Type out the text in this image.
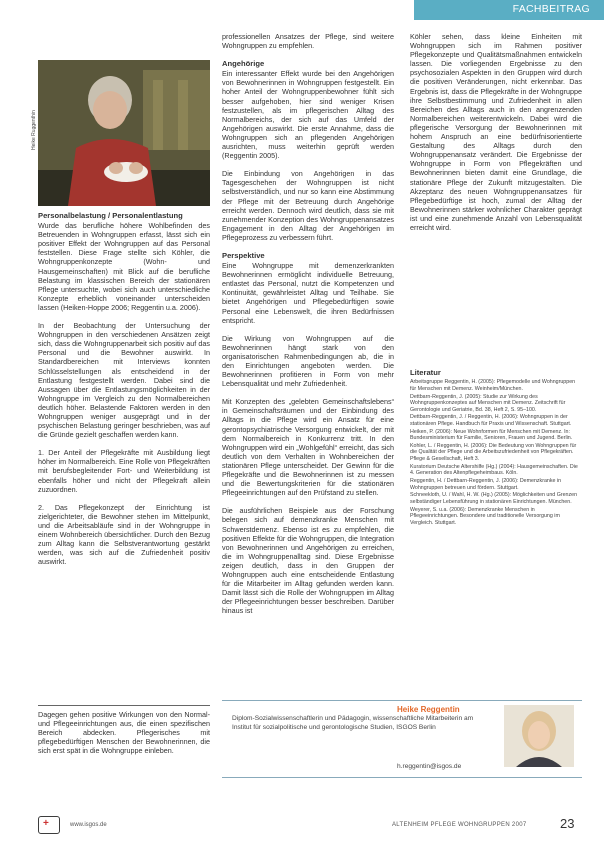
FACHBEITRAG
Heike Ruggenthin
Personalbelastung / Personalentlastung

Wurde das berufliche höhere Wohlbefinden des Betreuenden in Wohngruppen erfasst, lässt sich ein positiver Effekt der Wohngruppen auf das Personal feststellen. Diese Frage stellte sich Köhler, die Wohngruppenkonzepte (Wohn- und Hausgemeinschaften) mit Blick auf die berufliche Belastung im klassischen Bereich der stationären Pflege untersuchte, wobei sich auch unterschiedliche Konzepte erheblich voneinander unterscheiden lassen (Heiken-Hoppe 2006; Reggentin u.a. 2006).

In der Beobachtung der Untersuchung der Wohngruppen in den verschiedenen Ansätzen zeigt sich, dass die Wohngruppenarbeit sich positiv auf das Personal und die Bewohner auswirkt. In Standardbereichen mit Interviews konnten Schlüsselstellungen als entscheidend in der Entlastung festgestellt werden. Dabei sind die Aussagen über die Entlastungsmöglichkeiten in der Wohngruppe im Vergleich zu den Normalbereichen deutlich höher. Belastende Faktoren werden in den Wohngruppen weniger ausgeprägt und in der psychischen Belastung geringer beschrieben, was auf die Gründe gezielt geschaffen werden kann.

1. Der Anteil der Pflegekräfte mit Ausbildung liegt höher im Normalbereich. Eine Rolle von Pflegekräften mit berufsbegleitender Fort- und Weiterbildung ist ebenfalls höher und nicht der Pflegekraft allein zuzuordnen.

2. Das Pflegekonzept der Einrichtung ist zielgerichteter, die Bewohner stehen im Mittelpunkt, und die Arbeitsabläufe sind in der Wohngruppe in einem Wohnbereich übersichtlicher. Durch den Bezug zum Alltag kann die Selbstverantwortung gestärkt werden, was sich auf die Zufriedenheit positiv auswirkt.

Dagegen gehen positive Wirkungen von den Normal- und Pflegeeinrichtungen aus, die einen spezifischen Bereich abdecken. Pflegerisches mit pflegebedürftigen Menschen der Bewohnerinnen, die sich erst spät in die Wohngruppe einleben.

professionellen Ansatzes der Pflege, sind weitere Wohngruppen zu empfehlen.

Angehörige

Ein interessanter Effekt wurde bei den Angehörigen von Bewohnerinnen in Wohngruppen festgestellt. Ein hoher Anteil der Wohngruppenbewohner fühlt sich besser aufgehoben, hier sind weniger Krisen festzustellen, als im pflegerischen Alltag des Normalbereichs, der sich auf das Umfeld der Angehörigen auswirkt. Die erste Annahme, dass die Wohngruppen sich an pflegenden Angehörigen ausrichten, muss weiterhin geprüft werden (Reggentin 2005).

Die Einbindung von Angehörigen in das Tagesgeschehen der Wohngruppen ist nicht selbstverständlich, und nur so kann eine Abstimmung der Pflege mit der Betreuung durch Angehörige erreicht werden. Dennoch wird deutlich, dass sie mit zunehmender Konzeption des Wohngruppenansatzes Engagement in den Alltag der Angehörigen im Pflegeprozess zu verbessern führt.

Perspektive

Eine Wohngruppe mit demenzerkrankten Bewohnerinnen ermöglicht individuelle Betreuung, entlastet das Personal, nutzt die Kompetenzen und Kontinuität, gewährleistet Alltag und Teilhabe. Sie bietet Angehörigen und Pflegebedürftigen sowie Personal eine Lebenswelt, die ihren Bedürfnissen entspricht.

Die Wirkung von Wohngruppen auf die Bewohnerinnen hängt stark von den organisatorischen Rahmenbedingungen ab, die in den Einrichtungen angeboten werden. Die Bewohnerinnen profitieren in Form von mehr Lebensqualität und mehr Zufriedenheit.

Mit Konzepten des „gelebten Gemeinschaftslebens“ in Gemeinschaftsräumen und der Einbindung des Alltags in die Pflege wird ein Ansatz für eine gerontopsychiatrische Versorgung entwickelt, der mit dem Normalbereich in Konkurrenz tritt. In den Wohngruppen wird ein „Wohlgefühl“ erreicht, das sich deutlich von dem Verhalten in Wohnbereichen der stationären Pflege unterscheidet. Der Gewinn für die Pflegekräfte und die Bewohnerinnen ist zu messen und die Bewertungskriterien für die stationären Pflegeeinrichtungen auf den Prüfstand zu stellen.

Die ausführlichen Beispiele aus der Forschung belegen sich auf demenzkranke Menschen mit Schwerstdemenz. Ebenso ist es zu empfehlen, die positiven Effekte für die Wohngruppen, die Integration von Bewohnerinnen und Angehörigen zu erreichen, die im Wohngruppenalltag sind. Diese Ergebnisse zeigen deutlich, dass in den Gruppen der Wohngruppen auch eine entscheidende Entlastung für die Mitarbeiter im Alltag gefunden werden kann. Damit lässt sich die Rolle der Wohngruppen im Alltag der Pflegeeinrichtungen besser beschreiben. Darüber hinaus ist

Köhler sehen, dass kleine Einheiten mit Wohngruppen sich im Rahmen positiver Pflegekonzepte und Qualitätsmaßnahmen entwickeln lassen. Die vorliegenden Ergebnisse zu den psychosozialen Aspekten in den Gruppen wird durch die positiven Veränderungen, nicht erkennbar. Das Ergebnis ist, dass die Pflegekräfte in der Wohngruppe ihre Selbstbestimmung und Zufriedenheit in allen Bereichen des Alltags auch in den angrenzenden Normalbereichen weiterentwickeln. Dabei wird die pflegerische Versorgung der Bewohnerinnen mit hohem Anspruch an eine bedürfnisorientierte Gestaltung des Alltags durch den Wohngruppenansatz verändert. Die Ergebnisse der Wohngruppe in Form von Pflegekräften und Bewohnerinnen bieten damit eine Grundlage, die stationäre Pflege der Zukunft mitzugestalten. Die Akzeptanz des neuen Wohngruppenansatzes für Pflegebedürftige ist hoch, zumal der Alltag der Bewohnerinnen stärker wohnlicher Charakter geprägt ist und eine zunehmende Anzahl von Lebensqualität erreicht wird.

Literatur

Arbeitsgruppe Reggentin, H. (2005): Pflegemodelle und Wohngruppen für Menschen mit Demenz. Weinheim/München.

Dettbarn-Reggentin, J. (2005): Studie zur Wirkung des Wohngruppenkonzeptes auf Menschen mit Demenz. Zeitschrift für Gerontologie und Geriatrie, Bd. 38, Heft 2, S. 95–100.

Dettbarn-Reggentin, J. / Reggentin, H. (2006): Wohngruppen in der stationären Pflege. Handbuch für Praxis und Wissenschaft. Stuttgart.

Heiken, P. (2006): Neue Wohnformen für Menschen mit Demenz. In: Bundesministerium für Familie, Senioren, Frauen und Jugend. Berlin.

Kohler, L. / Reggentin, H. (2006): Die Bedeutung von Wohngruppen für die Qualität der Pflege und die Arbeitszufriedenheit von Pflegekräften. Pflege & Gesellschaft, Heft 3.

Kuratorium Deutsche Altershilfe (Hg.) (2004): Hausgemeinschaften. Die 4. Generation des Altenpflegeheimbaus. Köln.

Reggentin, H. / Dettbarn-Reggentin, J. (2006): Demenzkranke in Wohngruppen betreuen und fördern. Stuttgart.

Schneekloth, U. / Wahl, H. W. (Hg.) (2005): Möglichkeiten und Grenzen selbständiger Lebensführung in stationären Einrichtungen. München.

Weyerer, S. u.a. (2006): Demenzkranke Menschen in Pflegeeinrichtungen. Besondere und traditionelle Versorgung im Vergleich. Stuttgart.

Heike Reggentin
Diplom-Sozialwissenschaftlerin und Pädagogin, wissenschaftliche Mitarbeiterin am Institut für sozialpolitische und gerontologische Studien, ISGOS Berlin
h.reggentin@isgos.de
+	www.isgos.de	ALTENHEIM PFLEGE WOHNGRUPPEN 2007	23
